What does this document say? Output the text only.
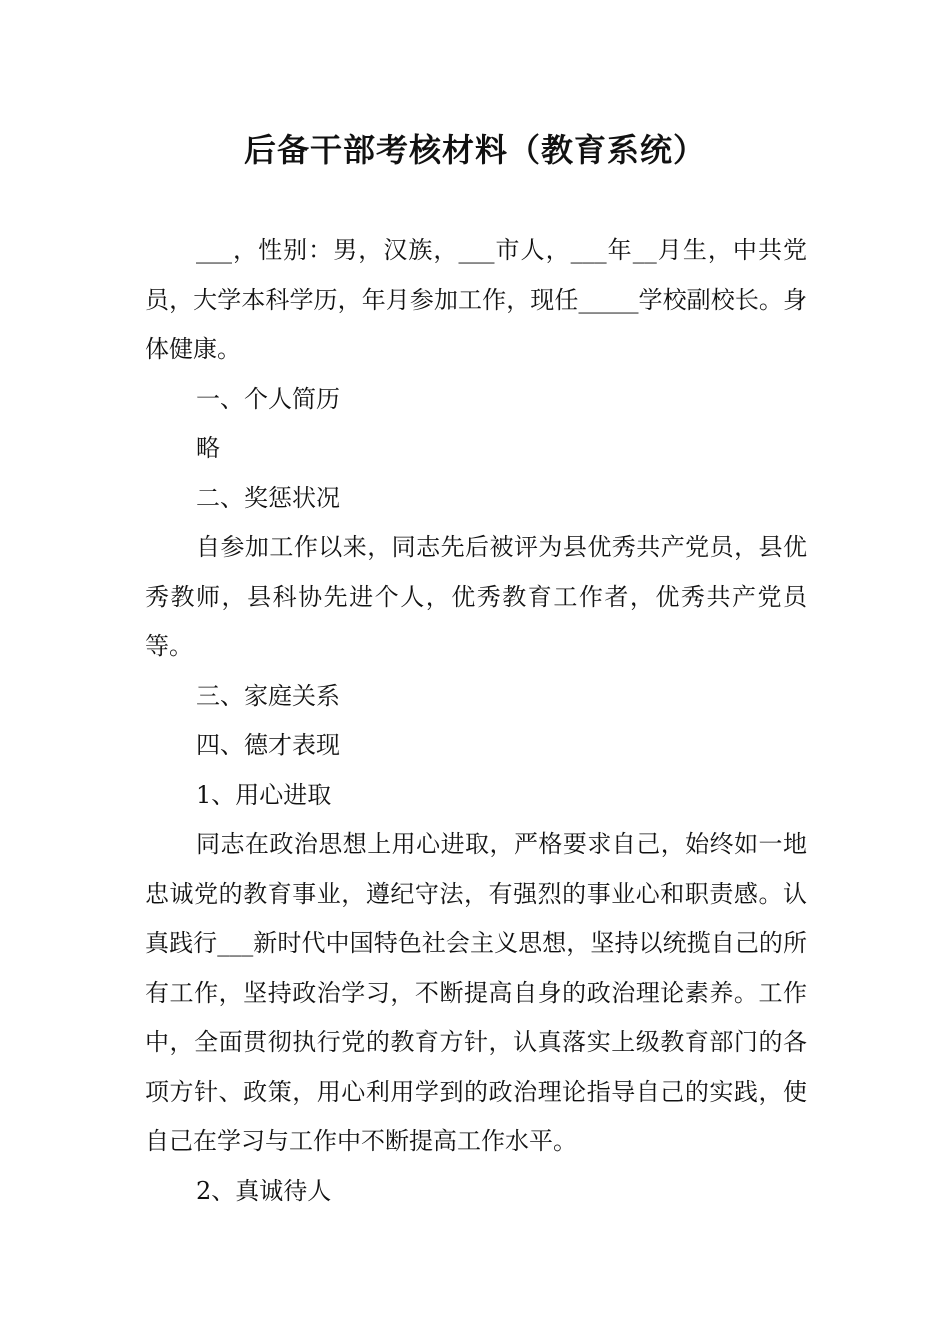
后备干部考核材料（教育系统）

___，性别：男，汉族，___市人，___年__月生，中共党员，大学本科学历，年月参加工作，现任_____学校副校长。身体健康。

一、个人简历

略

二、奖惩状况

自参加工作以来，同志先后被评为县优秀共产党员，县优秀教师，县科协先进个人，优秀教育工作者，优秀共产党员等。

三、家庭关系

四、德才表现

1、用心进取

同志在政治思想上用心进取，严格要求自己，始终如一地忠诚党的教育事业，遵纪守法，有强烈的事业心和职责感。认真践行___新时代中国特色社会主义思想，坚持以统揽自己的所有工作，坚持政治学习，不断提高自身的政治理论素养。工作中，全面贯彻执行党的教育方针，认真落实上级教育部门的各项方针、政策，用心利用学到的政治理论指导自己的实践，使自己在学习与工作中不断提高工作水平。

2、真诚待人
